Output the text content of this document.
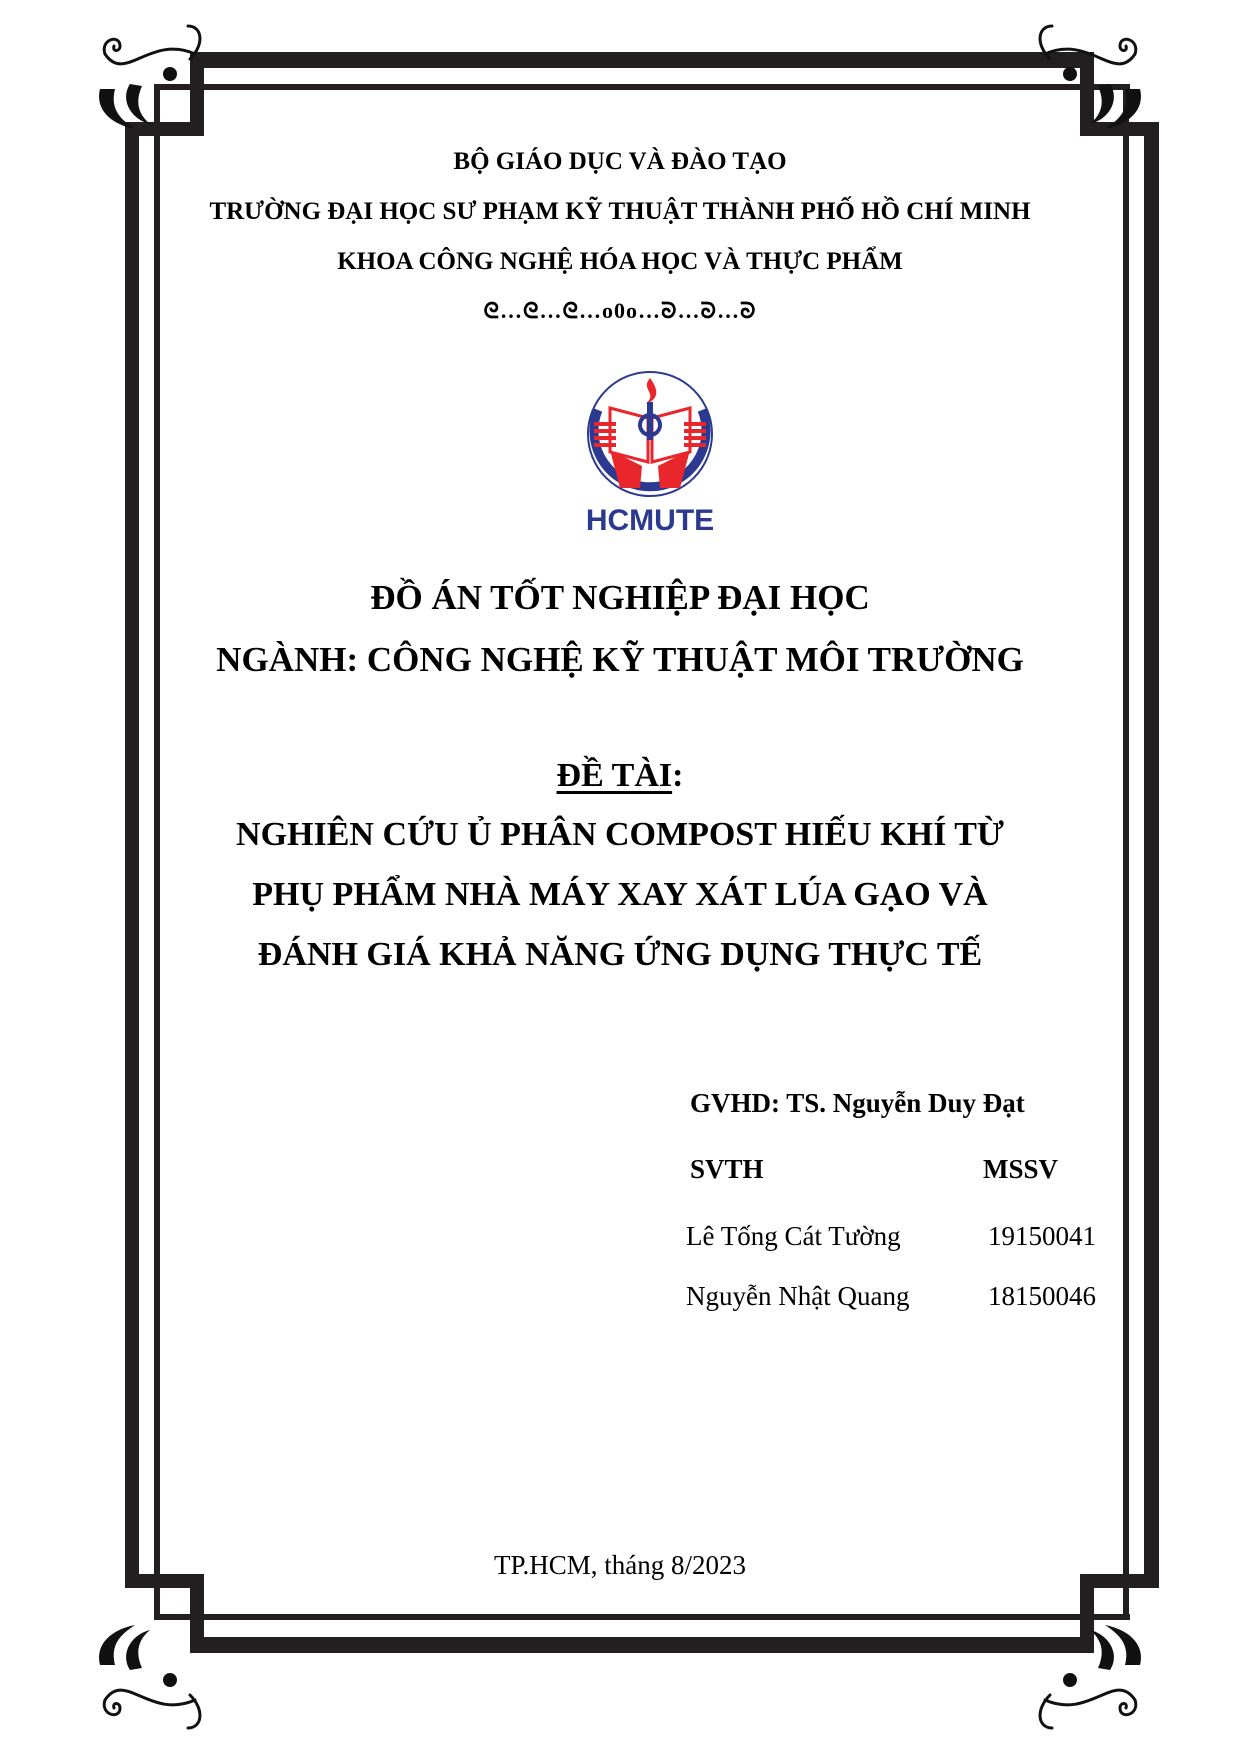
BỘ GIÁO DỤC VÀ ĐÀO TẠO
TRƯỜNG ĐẠI HỌC SƯ PHẠM KỸ THUẬT THÀNH PHỐ HỒ CHÍ MINH
KHOA CÔNG NGHỆ HÓA HỌC VÀ THỰC PHẨM
ᘓ…ᘓ…ᘓ…o0o…ᘐ…ᘐ…ᘐ
HCMUTE
ĐỒ ÁN TỐT NGHIỆP ĐẠI HỌC
NGÀNH: CÔNG NGHỆ KỸ THUẬT MÔI TRƯỜNG
ĐỀ TÀI:
NGHIÊN CỨU Ủ PHÂN COMPOST HIẾU KHÍ TỪ
PHỤ PHẨM NHÀ MÁY XAY XÁT LÚA GẠO VÀ
ĐÁNH GIÁ KHẢ NĂNG ỨNG DỤNG THỰC TẾ
GVHD: TS. Nguyễn Duy Đạt
SVTH	MSSV
Lê Tống Cát Tường	19150041
Nguyễn Nhật Quang	18150046
TP.HCM, tháng 8/2023
